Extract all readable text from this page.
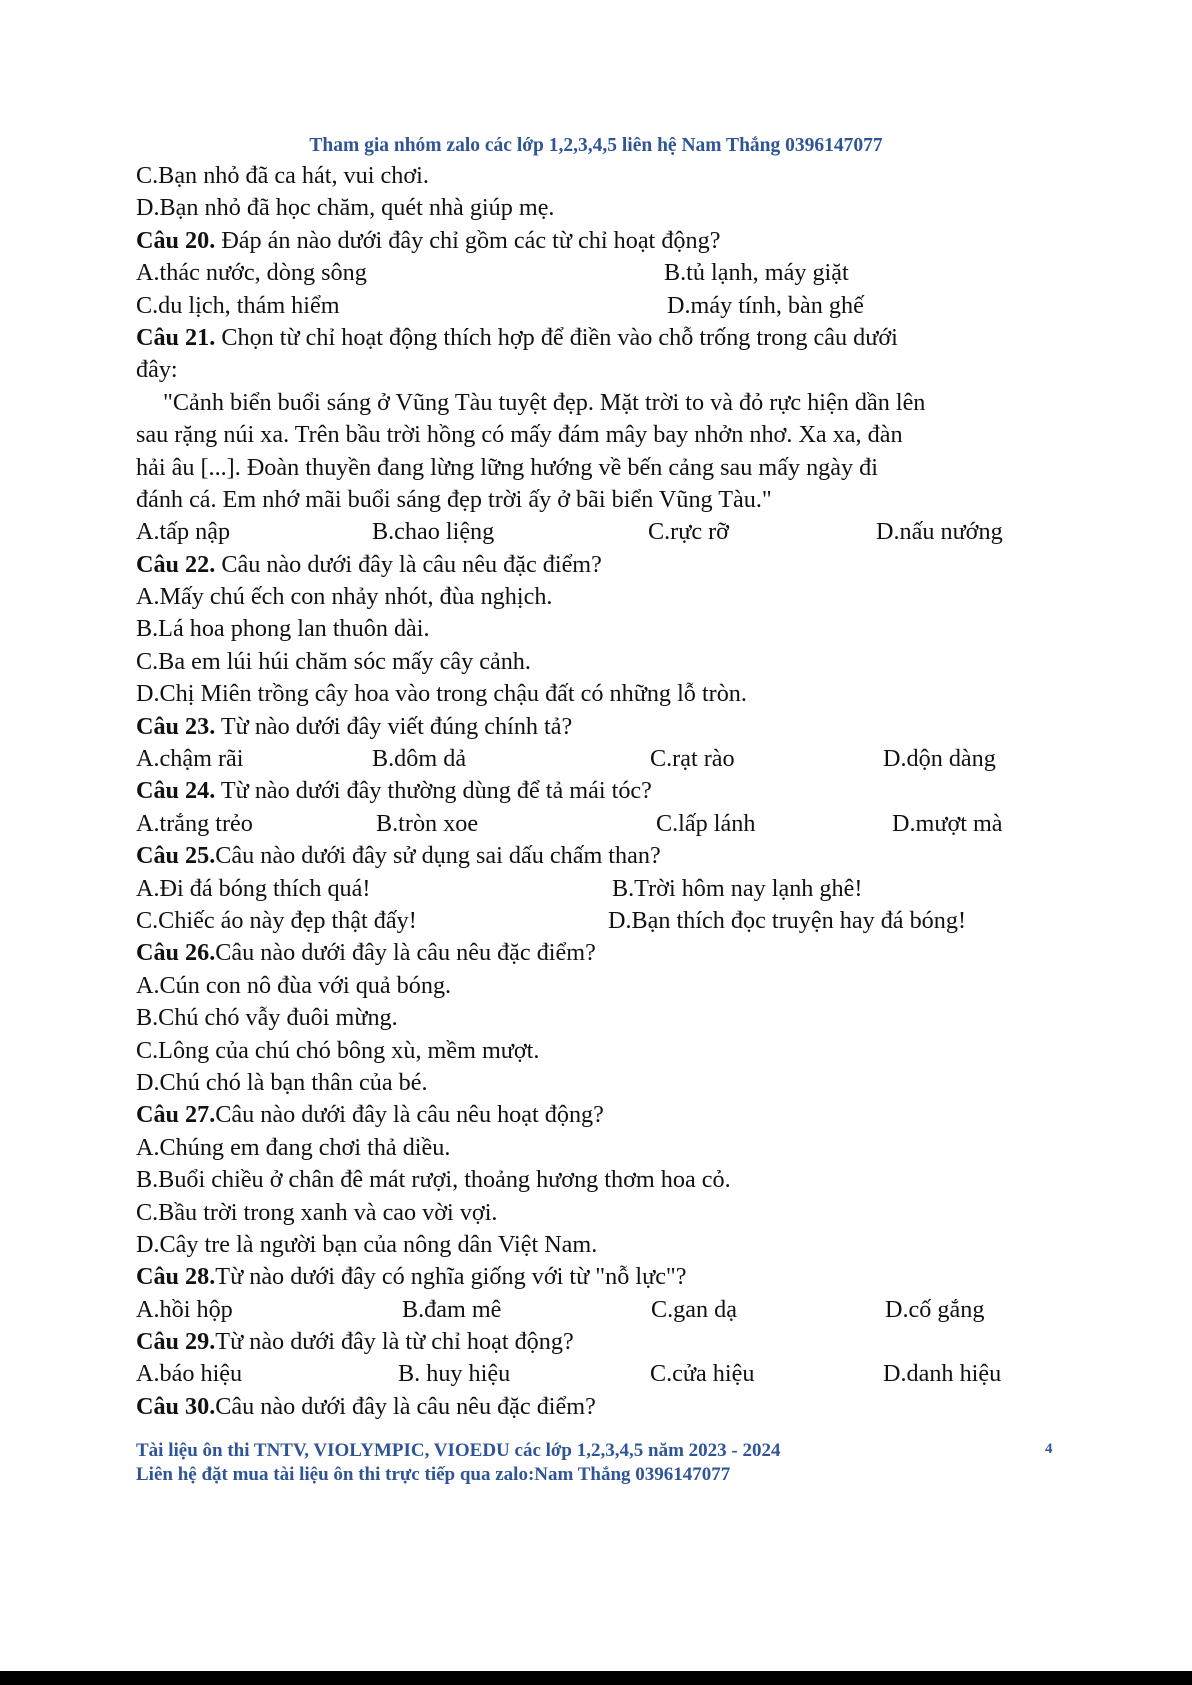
Tham gia nhóm zalo các lớp 1,2,3,4,5 liên hệ Nam Thắng 0396147077
C.Bạn nhỏ đã ca hát, vui chơi.
D.Bạn nhỏ đã học chăm, quét nhà giúp mẹ.
Câu 20. Đáp án nào dưới đây chỉ gồm các từ chỉ hoạt động?
A.thác nước, dòng sông	B.tủ lạnh, máy giặt
C.du lịch, thám hiểm	D.máy tính, bàn ghế
Câu 21. Chọn từ chỉ hoạt động thích hợp để điền vào chỗ trống trong câu dưới
đây:
"Cảnh biển buổi sáng ở Vũng Tàu tuyệt đẹp. Mặt trời to và đỏ rực hiện dần lên
sau rặng núi xa. Trên bầu trời hồng có mấy đám mây bay nhởn nhơ. Xa xa, đàn
hải âu [...]. Đoàn thuyền đang lừng lững hướng về bến cảng sau mấy ngày đi
đánh cá. Em nhớ mãi buổi sáng đẹp trời ấy ở bãi biển Vũng Tàu."
A.tấp nập	B.chao liệng	C.rực rỡ	D.nấu nướng
Câu 22. Câu nào dưới đây là câu nêu đặc điểm?
A.Mấy chú ếch con nhảy nhót, đùa nghịch.
B.Lá hoa phong lan thuôn dài.
C.Ba em lúi húi chăm sóc mấy cây cảnh.
D.Chị Miên trồng cây hoa vào trong chậu đất có những lỗ tròn.
Câu 23. Từ nào dưới đây viết đúng chính tả?
A.chậm rãi	B.dôm dả	C.rạt rào	D.dộn dàng
Câu 24. Từ nào dưới đây thường dùng để tả mái tóc?
A.trắng trẻo	B.tròn xoe	C.lấp lánh	D.mượt mà
Câu 25.Câu nào dưới đây sử dụng sai dấu chấm than?
A.Đi đá bóng thích quá!	B.Trời hôm nay lạnh ghê!
C.Chiếc áo này đẹp thật đấy!	D.Bạn thích đọc truyện hay đá bóng!
Câu 26.Câu nào dưới đây là câu nêu đặc điểm?
A.Cún con nô đùa với quả bóng.
B.Chú chó vẫy đuôi mừng.
C.Lông của chú chó bông xù, mềm mượt.
D.Chú chó là bạn thân của bé.
Câu 27.Câu nào dưới đây là câu nêu hoạt động?
A.Chúng em đang chơi thả diều.
B.Buổi chiều ở chân đê mát rượi, thoảng hương thơm hoa cỏ.
C.Bầu trời trong xanh và cao vời vợi.
D.Cây tre là người bạn của nông dân Việt Nam.
Câu 28.Từ nào dưới đây có nghĩa giống với từ "nỗ lực"?
A.hồi hộp	B.đam mê	C.gan dạ	D.cố gắng
Câu 29.Từ nào dưới đây là từ chỉ hoạt động?
A.báo hiệu	B. huy hiệu	C.cửa hiệu	D.danh hiệu
Câu 30.Câu nào dưới đây là câu nêu đặc điểm?
Tài liệu ôn thi TNTV, VIOLYMPIC, VIOEDU các lớp 1,2,3,4,5 năm 2023 - 2024
Liên hệ đặt mua tài liệu ôn thi trực tiếp qua zalo:Nam Thắng 0396147077
4
